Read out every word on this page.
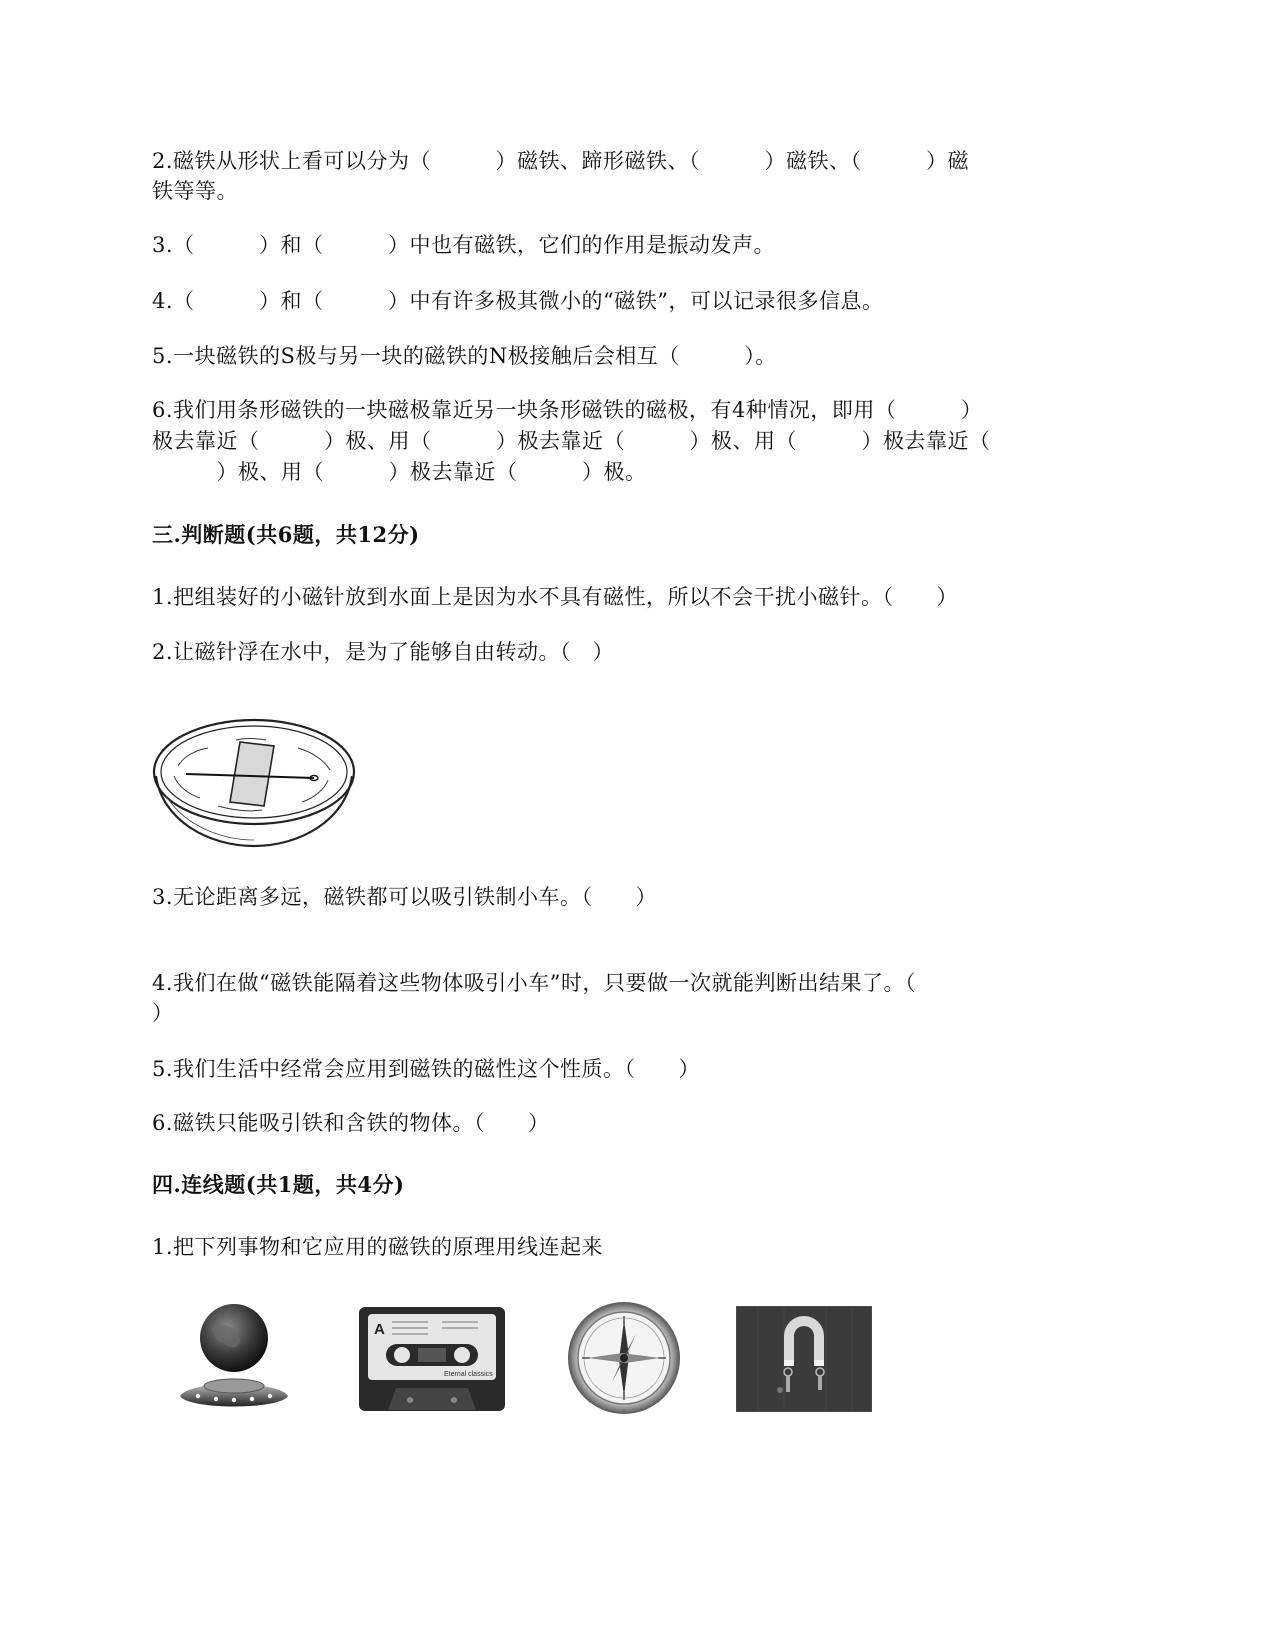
2.磁铁从形状上看可以分为（　　　）磁铁、蹄形磁铁、（　　　）磁铁、（　　　）磁
铁等等。
3.（　　　）和（　　　）中也有磁铁，它们的作用是振动发声。
4.（　　　）和（　　　）中有许多极其微小的“磁铁”，可以记录很多信息。
5.一块磁铁的S极与另一块的磁铁的N极接触后会相互（　　　）。
6.我们用条形磁铁的一块磁极靠近另一块条形磁铁的磁极，有4种情况，即用（　　　）
极去靠近（　　　）极、用（　　　）极去靠近（　　　）极、用（　　　）极去靠近（
　　　）极、用（　　　）极去靠近（　　　）极。
三.判断题(共6题，共12分)
1.把组装好的小磁针放到水面上是因为水不具有磁性，所以不会干扰小磁针。（　　）
2.让磁针浮在水中，是为了能够自由转动。（　）
3.无论距离多远，磁铁都可以吸引铁制小车。（　　）
4.我们在做“磁铁能隔着这些物体吸引小车”时，只要做一次就能判断出结果了。（
）
5.我们生活中经常会应用到磁铁的磁性这个性质。（　　）
6.磁铁只能吸引铁和含铁的物体。（　　）
四.连线题(共1题，共4分)
1.把下列事物和它应用的磁铁的原理用线连起来
A
Eternal classics
